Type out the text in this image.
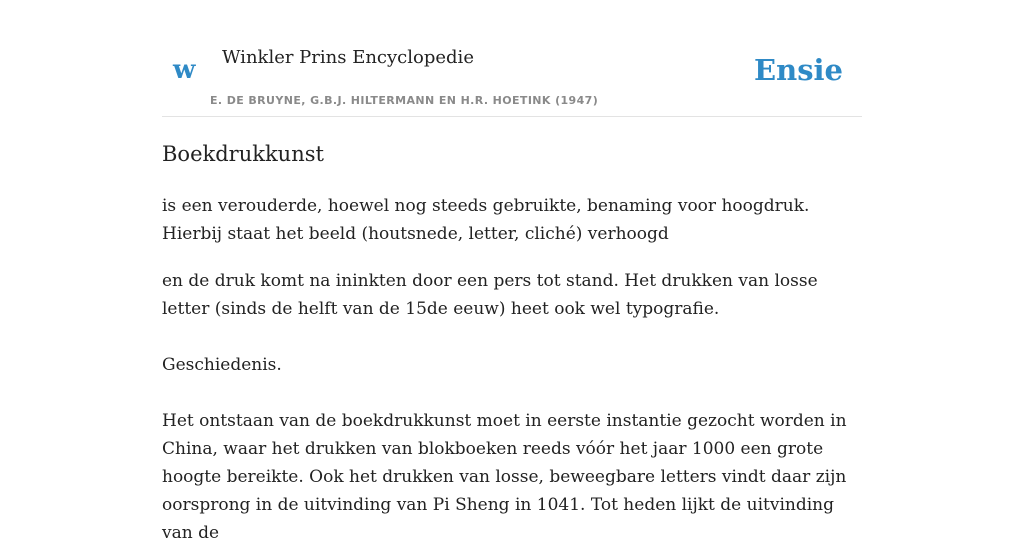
w Winkler Prins Encyclopedie
E. DE BRUYNE, G.B.J. HILTERMANN EN H.R. HOETINK (1947)
Ensie
Boekdrukkunst

is een verouderde, hoewel nog steeds gebruikte, benaming voor hoogdruk. Hierbij staat het beeld (houtsnede, letter, cliché) verhoogd

en de druk komt na ininkten door een pers tot stand. Het drukken van losse letter (sinds de helft van de 15de eeuw) heet ook wel typografie.

Geschiedenis.

Het ontstaan van de boekdrukkunst moet in eerste instantie gezocht worden in China, waar het drukken van blokboeken reeds vóór het jaar 1000 een grote hoogte bereikte. Ook het drukken van losse, beweegbare letters vindt daar zijn oorsprong in de uitvinding van Pi Sheng in 1041. Tot heden lijkt de uitvinding van de
